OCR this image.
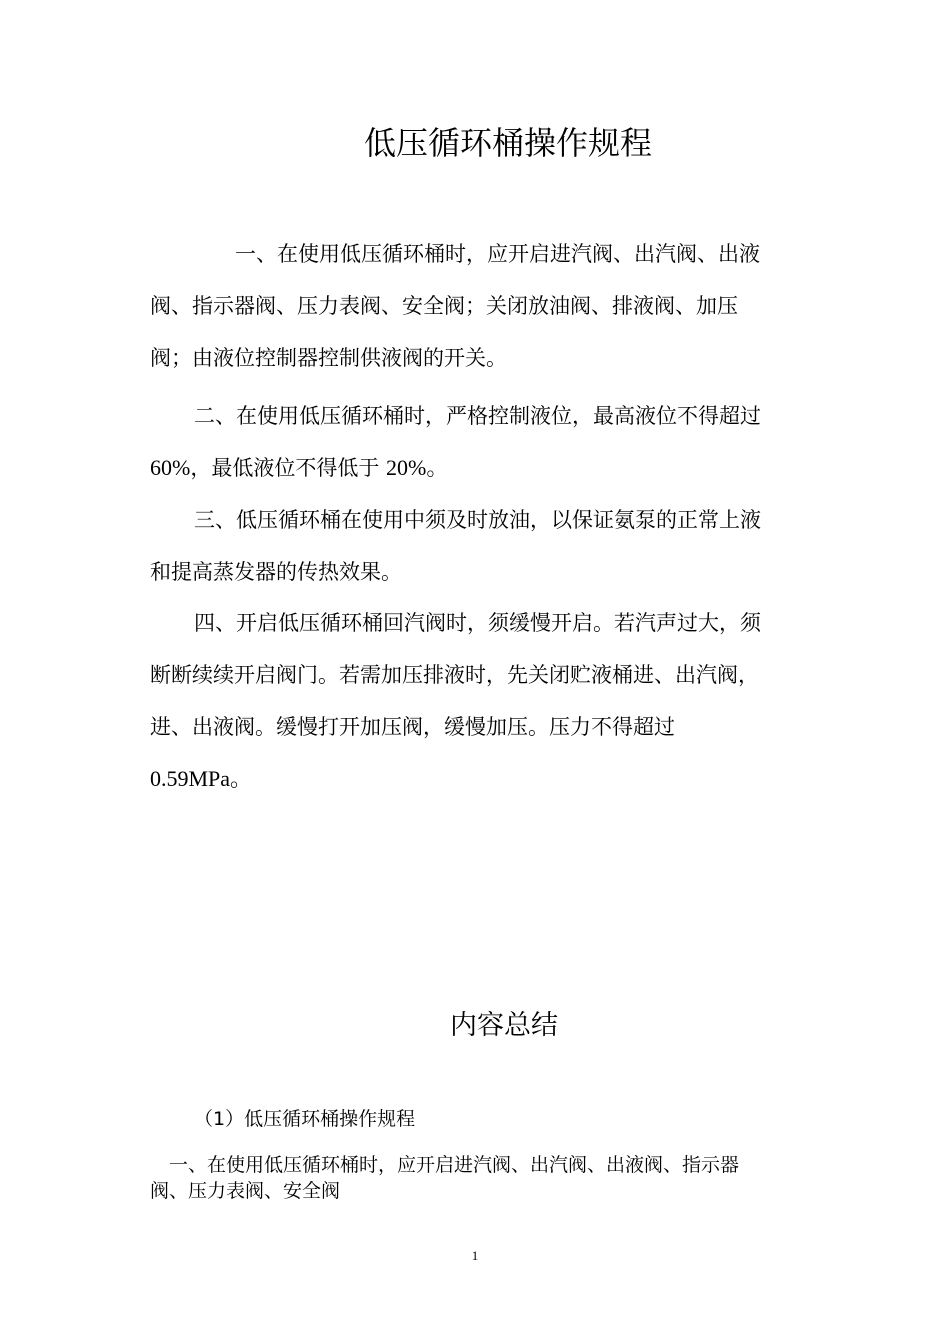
低压循环桶操作规程

　一、在使用低压循环桶时，应开启进汽阀、出汽阀、出液

阀、指示器阀、压力表阀、安全阀；关闭放油阀、排液阀、加压

阀；由液位控制器控制供液阀的开关。

二、在使用低压循环桶时，严格控制液位，最高液位不得超过

60%，最低液位不得低于 20%。

三、低压循环桶在使用中须及时放油，以保证氨泵的正常上液

和提高蒸发器的传热效果。

四、开启低压循环桶回汽阀时，须缓慢开启。若汽声过大，须

断断续续开启阀门。若需加压排液时，先关闭贮液桶进、出汽阀，

进、出液阀。缓慢打开加压阀，缓慢加压。压力不得超过

0.59MPa。

内容总结
（1）低压循环桶操作规程
　一、在使用低压循环桶时，应开启进汽阀、出汽阀、出液阀、指示器
阀、压力表阀、安全阀
1
